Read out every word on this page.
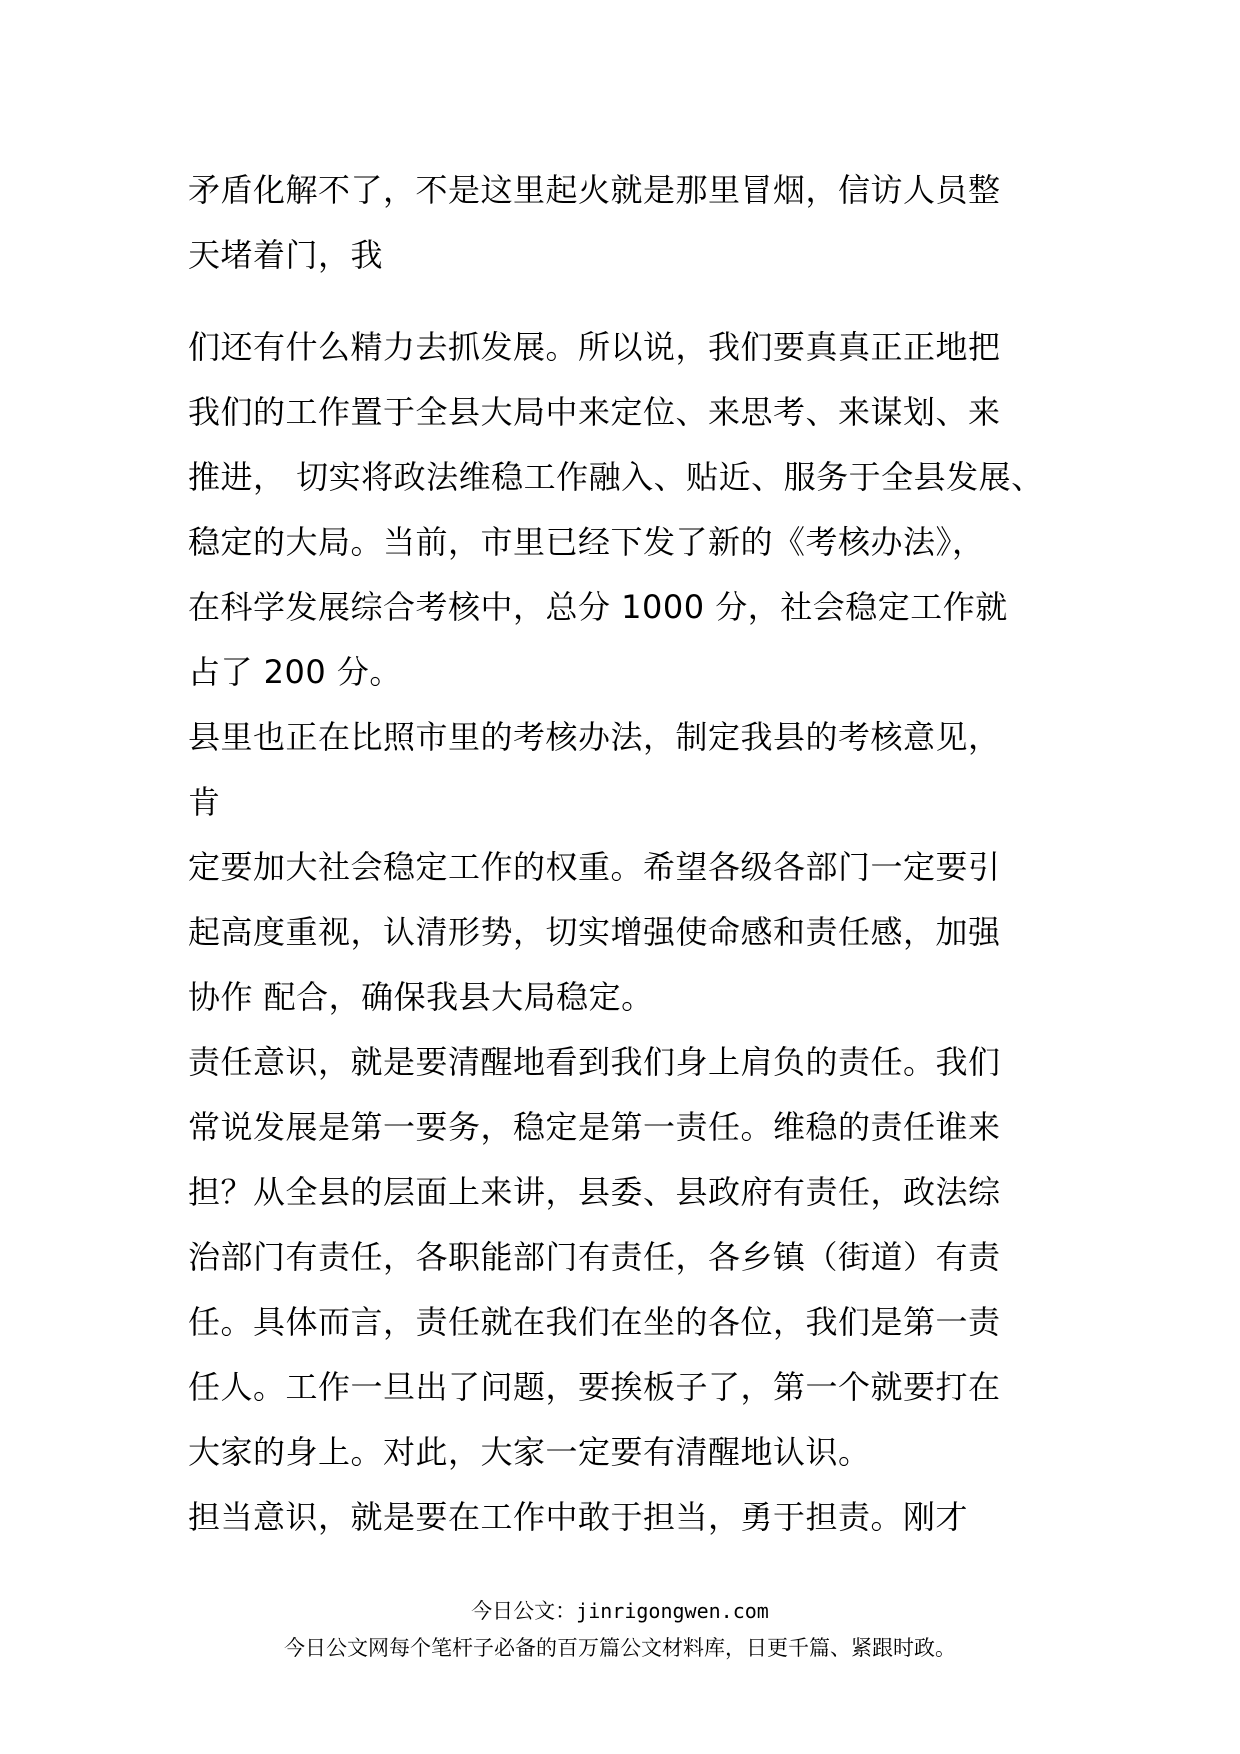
矛盾化解不了，不是这里起火就是那里冒烟，信访人员整
天堵着门，我
们还有什么精力去抓发展。所以说，我们要真真正正地把
我们的工作置于全县大局中来定位、来思考、来谋划、来
推进， 切实将政法维稳工作融入、贴近、服务于全县发展、
稳定的大局。当前，市里已经下发了新的《考核办法》，
在科学发展综合考核中，总分 1000 分，社会稳定工作就
占了 200 分。
县里也正在比照市里的考核办法，制定我县的考核意见，
肯
定要加大社会稳定工作的权重。希望各级各部门一定要引
起高度重视，认清形势，切实增强使命感和责任感，加强
协作 配合，确保我县大局稳定。
责任意识，就是要清醒地看到我们身上肩负的责任。我们
常说发展是第一要务，稳定是第一责任。维稳的责任谁来
担？从全县的层面上来讲，县委、县政府有责任，政法综
治部门有责任，各职能部门有责任，各乡镇（街道）有责
任。具体而言，责任就在我们在坐的各位，我们是第一责
任人。工作一旦出了问题，要挨板子了，第一个就要打在
大家的身上。对此，大家一定要有清醒地认识。
担当意识，就是要在工作中敢于担当，勇于担责。刚才
今日公文：jinrigongwen.com
今日公文网每个笔杆子必备的百万篇公文材料库，日更千篇、紧跟时政。
